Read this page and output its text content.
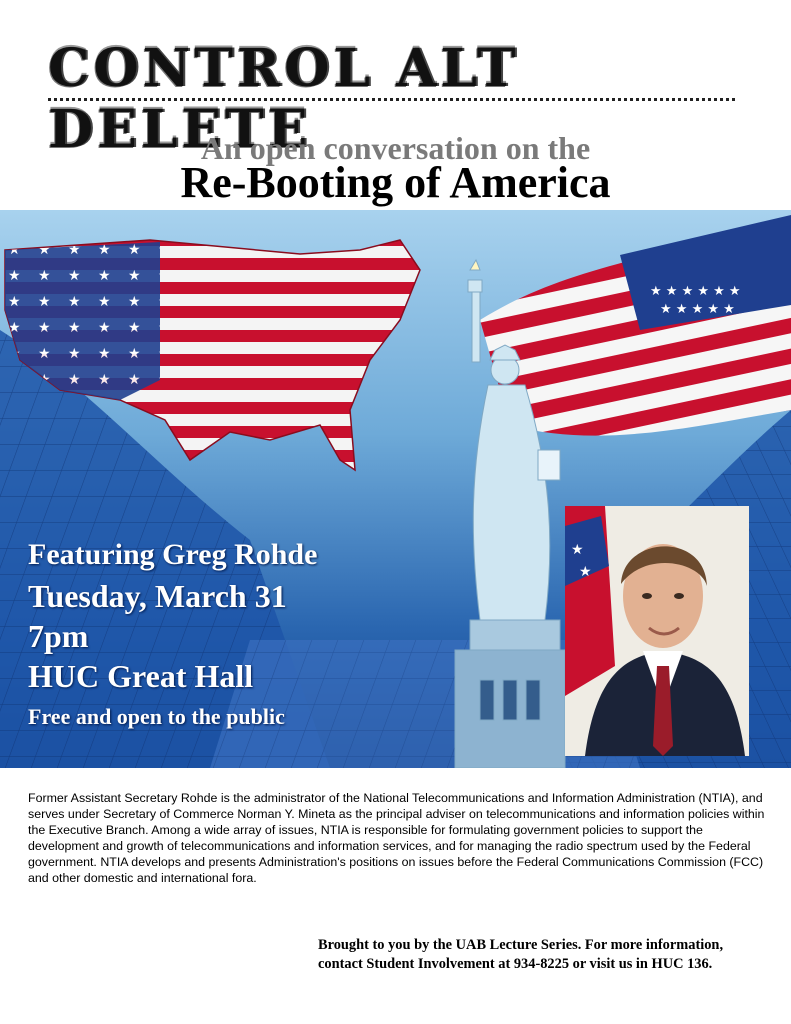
CONTROL ALT DELETE
An open conversation on the
Re-Booting of America
★ ★ ★ ★ ★ ★
★ ★ ★ ★ ★
★
★
Featuring Greg Rohde
Tuesday, March 31
7pm
HUC Great Hall
Free and open to the public
Former Assistant Secretary Rohde is the administrator of the National Telecommunications and Information Administration (NTIA), and serves under Secretary of Commerce Norman Y. Mineta as the principal adviser on telecommunications and information policies within the Executive Branch. Among a wide array of issues, NTIA is responsible for formulating government policies to support the development and growth of telecommunications and information services, and for managing the radio spectrum used by the Federal government. NTIA develops and presents Administration's positions on issues before the Federal Communications Commission (FCC) and other domestic and international fora.
Brought to you by the UAB Lecture Series. For more information,
contact Student Involvement at 934-8225 or visit us in HUC 136.
